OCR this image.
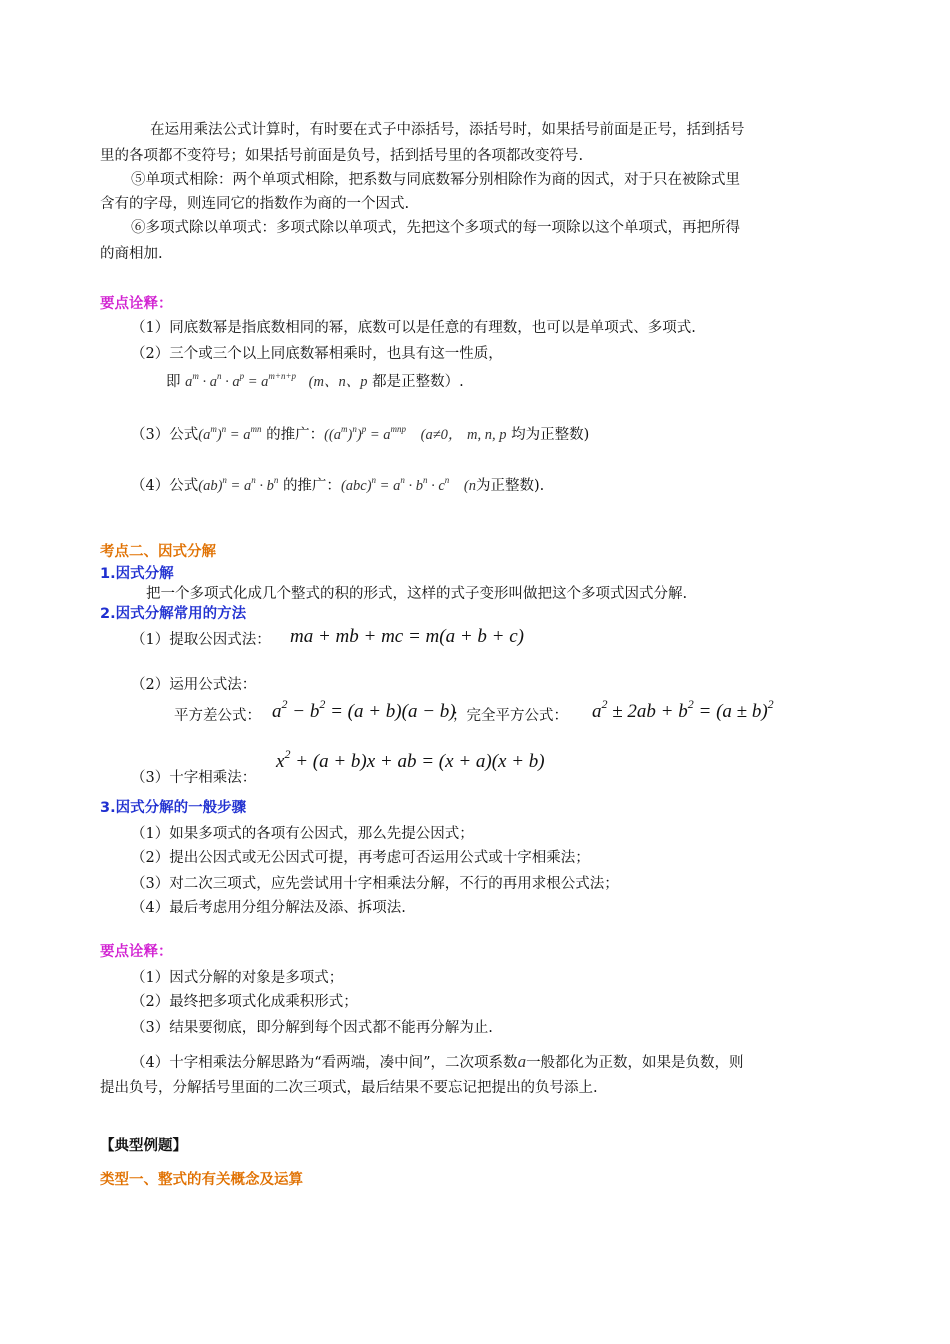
在运用乘法公式计算时，有时要在式子中添括号，添括号时，如果括号前面是正号，括到括号
里的各项都不变符号；如果括号前面是负号，括到括号里的各项都改变符号.
⑤单项式相除：两个单项式相除，把系数与同底数幂分别相除作为商的因式，对于只在被除式里
含有的字母，则连同它的指数作为商的一个因式.
⑥多项式除以单项式：多项式除以单项式，先把这个多项式的每一项除以这个单项式，再把所得
的商相加.
要点诠释：
（1）同底数幂是指底数相同的幂，底数可以是任意的有理数，也可以是单项式、多项式.
（2）三个或三个以上同底数幂相乘时，也具有这一性质，
即 $a^m \cdot a^n \cdot a^p = a^{m+n+p}$ (m、n、p 都是正整数）.
（3）公式$(a^m)^n = a^{mn}$ 的推广：$((a^m)^n)^p = a^{mnp}$ (a≠0， m, n, p 均为正整数)
（4）公式$(ab)^n = a^n \cdot b^n$ 的推广：$(abc)^n = a^n \cdot b^n \cdot c^n$ (n为正整数).
考点二、因式分解
1.因式分解
把一个多项式化成几个整式的积的形式，这样的式子变形叫做把这个多项式因式分解.
2.因式分解常用的方法
（1）提取公因式法： ma + mb + mc = m(a + b + c)
（2）运用公式法：
平方差公式： $a^2 - b^2 = (a + b)(a - b)$
；完全平方公式： $a^2 \pm 2ab + b^2 = (a \pm b)^2$
$x^2 + (a + b)x$ + ab = (x + a)(x + b)
（3）十字相乘法：
3.因式分解的一般步骤
（1）如果多项式的各项有公因式，那么先提公因式；
（2）提出公因式或无公因式可提，再考虑可否运用公式或十字相乘法；
（3）对二次三项式，应先尝试用十字相乘法分解，不行的再用求根公式法；
（4）最后考虑用分组分解法及添、拆项法.
要点诠释：
（1）因式分解的对象是多项式；
（2）最终把多项式化成乘积形式；
（3）结果要彻底，即分解到每个因式都不能再分解为止.
（4）十字相乘法分解思路为“看两端，凑中间”，二次项系数a一般都化为正数，如果是负数，则
提出负号，分解括号里面的二次三项式，最后结果不要忘记把提出的负号添上.
【典型例题】
类型一、整式的有关概念及运算
